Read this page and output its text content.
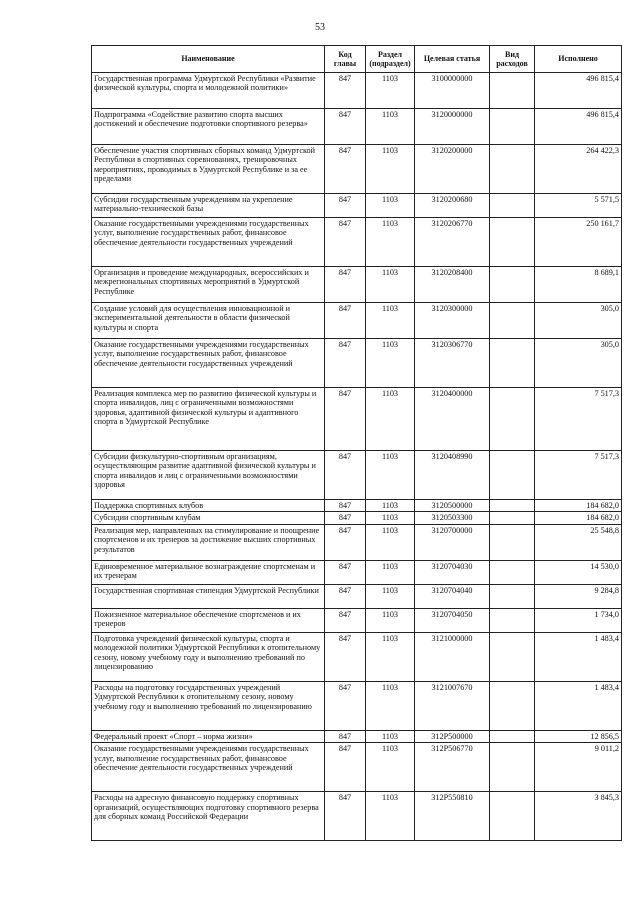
53
Наименование	Код главы	Раздел (подраздел)	Целевая статья	Вид расходов	Исполнено
Государственная программа Удмуртской Республики «Развитие физической культуры, спорта и молодежной политики»	847	1103	3100000000		496 815,4
Подпрограмма «Содействие развитию спорта высших достижений и обеспечение подготовки спортивного резерва»	847	1103	3120000000		496 815,4
Обеспечение участия спортивных сборных команд Удмуртской Республики в спортивных соревнованиях, тренировочных мероприятиях, проводимых в Удмуртской Республике и за ее пределами	847	1103	3120200000		264 422,3
Субсидии государственным учреждениям на укрепление материально-технической базы	847	1103	3120200680		5 571,5
Оказание государственными учреждениями государственных услуг, выполнение государственных работ, финансовое обеспечение деятельности государственных учреждений	847	1103	3120206770		250 161,7
Организация и проведение международных, всероссийских и межрегиональных спортивных мероприятий в Удмуртской Республике	847	1103	3120208400		8 689,1
Создание условий для осуществления инновационной и экспериментальной деятельности в области физической культуры и спорта	847	1103	3120300000		305,0
Оказание государственными учреждениями государственных услуг, выполнение государственных работ, финансовое обеспечение деятельности государственных учреждений	847	1103	3120306770		305,0
Реализация комплекса мер по развитию физической культуры и спорта инвалидов, лиц с ограниченными возможностями здоровья, адаптивной физической культуры и адаптивного спорта в Удмуртской Республике	847	1103	3120400000		7 517,3
Субсидии физкультурно-спортивным организациям, осуществляющим развитие адаптивной физической культуры и спорта инвалидов и лиц с ограниченными возможностями здоровья	847	1103	3120408990		7 517,3
Поддержка спортивных клубов	847	1103	3120500000		184 682,0
Субсидии спортивным клубам	847	1103	3120503300		184 682,0
Реализация мер, направленных на стимулирование и поощрение спортсменов и их тренеров за достижение высших спортивных результатов	847	1103	3120700000		25 548,8
Единовременное материальное вознаграждение спортсменам и их тренерам	847	1103	3120704030		14 530,0
Государственная спортивная стипендия Удмуртской Республики	847	1103	3120704040		9 284,8
Пожизненное материальное обеспечение спортсменов и их тренеров	847	1103	3120704050		1 734,0
Подготовка учреждений физической культуры, спорта и молодежной политики Удмуртской Республики к отопительному сезону, новому учебному году и выполнению требований по лицензированию	847	1103	3121000000		1 483,4
Расходы на подготовку государственных учреждений Удмуртской Республики к отопительному сезону, новому учебному году и выполнению требований по лицензированию	847	1103	3121007670		1 483,4
Федеральный проект «Спорт – норма жизни»	847	1103	312P500000		12 856,5
Оказание государственными учреждениями государственных услуг, выполнение государственных работ, финансовое обеспечение деятельности государственных учреждений	847	1103	312P506770		9 011,2
Расходы на адресную финансовую поддержку спортивных организаций, осуществляющих подготовку спортивного резерва для сборных команд Российской Федерации	847	1103	312P550810		3 845,3
